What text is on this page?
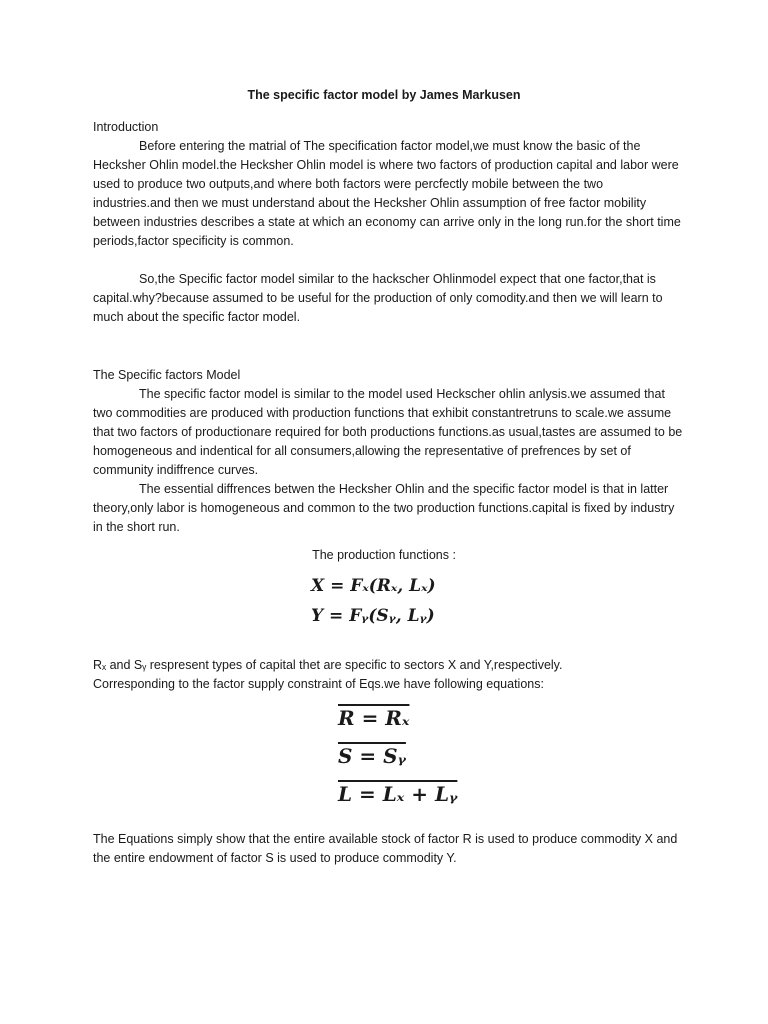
The specific factor model by James Markusen

Introduction

Before entering the matrial of The specification factor model,we must know the basic of the Hecksher Ohlin model.the Hecksher Ohlin model is where two factors of production capital and labor were used to produce two outputs,and where both factors were percfectly mobile between the two industries.and then we must understand about the Hecksher Ohlin assumption of free factor mobility between industries describes a state at which an economy can arrive only in the long run.for the short time periods,factor specificity is common.

So,the Specific factor model similar to the hackscher Ohlinmodel expect that one factor,that is capital.why?because assumed to be useful for the production of only comodity.and then we will learn to much about the specific factor model.

The Specific factors Model

The specific factor model is similar to the model used Heckscher ohlin anlysis.we assumed that two commodities are produced with production functions that exhibit constantretruns to scale.we assume that two factors of productionare required for both productions functions.as usual,tastes are assumed to be homogeneous and indentical for all consumers,allowing the representative of prefrences by set of community indiffrence curves.

The essential diffrences betwen the Hecksher Ohlin and the specific factor model is that in latter theory,only labor is homogeneous and common to the two production functions.capital is fixed by industry in the short run.

The production functions :
X = Fₓ(Rₓ, Lₓ)
Y = Fᵧ(Sᵧ, Lᵧ)

Rₓ and Sᵧ respresent types of capital thet are specific to sectors X and Y,respectively.

Corresponding to the factor supply constraint of Eqs.we have following equations:

R = Rₓ
S = Sᵧ
L = Lₓ + Lᵧ
The Equations simply show that the entire available stock of factor R is used to produce commodity X and the entire endowment of factor S is used to produce commodity Y.
